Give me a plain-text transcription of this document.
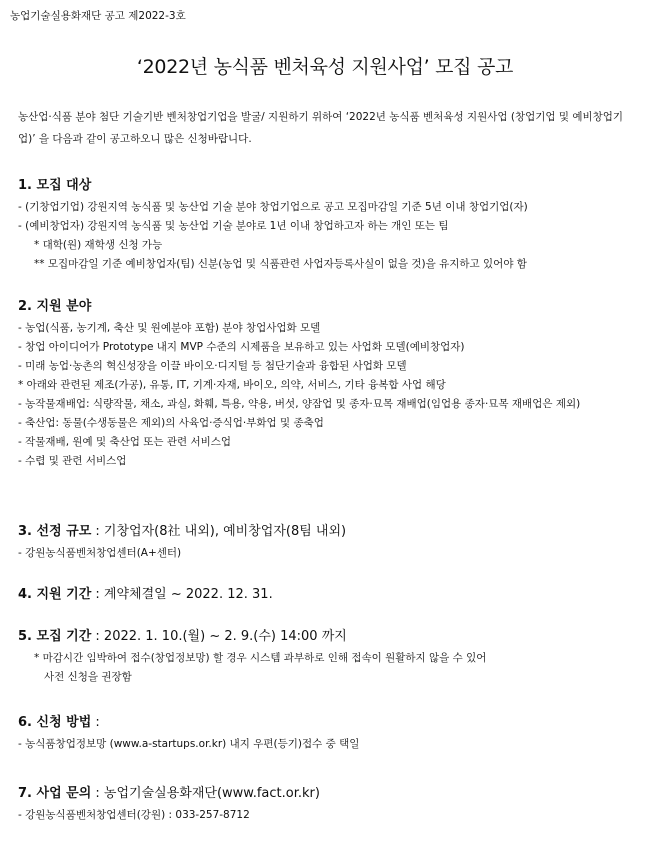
농업기술실용화재단 공고 제2022-3호
‘2022년 농식품 벤처육성 지원사업’ 모집 공고
농산업·식품 분야 첨단 기술기반 벤처창업기업을 발굴/ 지원하기 위하여 ‘2022년 농식품 벤처육성 지원사업 (창업기업 및 예비창업기업)’ 을 다음과 같이 공고하오니 많은 신청바랍니다.
1. 모집 대상
- (기창업기업) 강원지역 농식품 및 농산업 기술 분야 창업기업으로 공고 모집마감일 기준 5년 이내 창업기업(자)
- (예비창업자) 강원지역 농식품 및 농산업 기술 분야로 1년 이내 창업하고자 하는 개인 또는 팀
* 대학(원) 재학생 신청 가능
** 모집마감일 기준 예비창업자(팀) 신분(농업 및 식품관련 사업자등록사실이 없을 것)을 유지하고 있어야 함
2. 지원 분야
- 농업(식품, 농기계, 축산 및 원예분야 포함) 분야 창업사업화 모델
- 창업 아이디어가 Prototype 내지 MVP 수준의 시제품을 보유하고 있는 사업화 모델(예비창업자)
- 미래 농업·농촌의 혁신성장을 이끌 바이오·디지털 등 첨단기술과 융합된 사업화 모델
* 아래와 관련된 제조(가공), 유통, IT, 기계·자재, 바이오, 의약, 서비스, 기타 융복합 사업 해당
- 농작물재배업: 식량작물, 채소, 과실, 화훼, 특용, 약용, 버섯, 양잠업 및 종자·묘목 재배업(임업용 종자·묘목 재배업은 제외)
- 축산업: 동물(수생동물은 제외)의 사육업·증식업·부화업 및 종축업
- 작물재배, 원예 및 축산업 또는 관련 서비스업
- 수렵 및 관련 서비스업
3. 선정 규모 : 기창업자(8社 내외), 예비창업자(8팀 내외)
- 강원농식품벤처창업센터(A+센터)
4. 지원 기간 : 계약체결일 ~ 2022. 12. 31.
5. 모집 기간 : 2022. 1. 10.(월) ~ 2. 9.(수) 14:00 까지
* 마감시간 임박하여 접수(창업정보망) 할 경우 시스템 과부하로 인해 접속이 원활하지 않을 수 있어
사전 신청을 권장함
6. 신청 방법 :
- 농식품창업정보망 (www.a-startups.or.kr) 내지 우편(등기)접수 중 택일
7. 사업 문의 : 농업기술실용화재단(www.fact.or.kr)
- 강원농식품벤처창업센터(강원) : 033-257-8712
